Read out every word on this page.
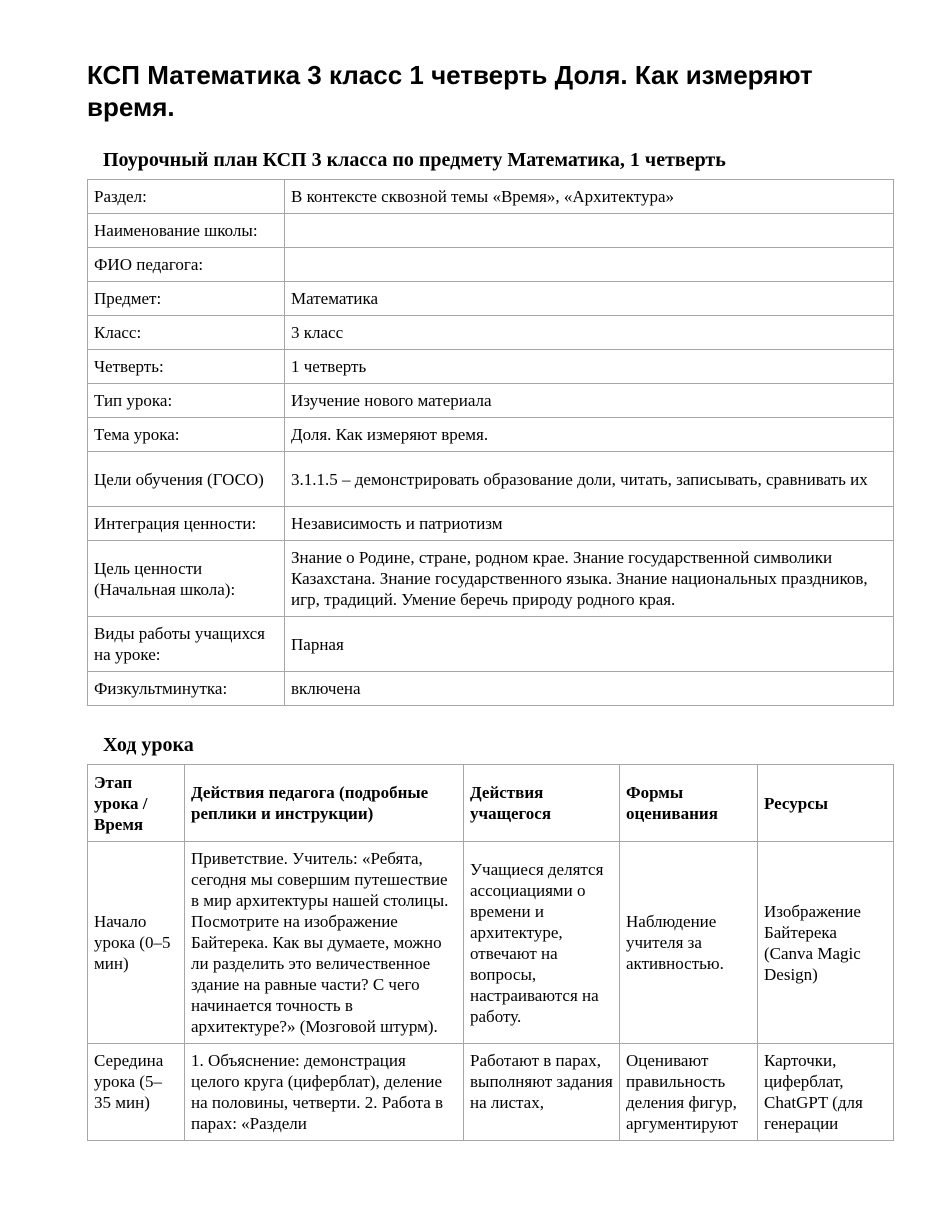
КСП Математика 3 класс 1 четверть Доля. Как измеряют время.
Поурочный план КСП 3 класса по предмету Математика, 1 четверть
Раздел:	В контексте сквозной темы «Время», «Архитектура»
Наименование школы:	
ФИО педагога:	
Предмет:	Математика
Класс:	3 класс
Четверть:	1 четверть
Тип урока:	Изучение нового материала
Тема урока:	Доля. Как измеряют время.
Цели обучения (ГОСО)	3.1.1.5 – демонстрировать образование доли, читать, записывать, сравнивать их
Интеграция ценности:	Независимость и патриотизм
Цель ценности (Начальная школа):	Знание о Родине, стране, родном крае. Знание государственной символики Казахстана. Знание государственного языка. Знание национальных праздников, игр, традиций. Умение беречь природу родного края.
Виды работы учащихся на уроке:	Парная
Физкультминутка:	включена
Ход урока
Этап урока / Время	Действия педагога (подробные реплики и инструкции)	Действия учащегося	Формы оценивания	Ресурсы
Начало урока (0–5 мин)	Приветствие. Учитель: «Ребята, сегодня мы совершим путешествие в мир архитектуры нашей столицы. Посмотрите на изображение Байтерека. Как вы думаете, можно ли разделить это величественное здание на равные части? С чего начинается точность в архитектуре?» (Мозговой штурм).	Учащиеся делятся ассоциациями о времени и архитектуре, отвечают на вопросы, настраиваются на работу.	Наблюдение учителя за активностью.	Изображение Байтерека (Canva Magic Design)
Середина урока (5–35 мин)	1. Объяснение: демонстрация целого круга (циферблат), деление на половины, четверти. 2. Работа в парах: «Раздели	Работают в парах, выполняют задания на листах,	Оценивают правильность деления фигур, аргументируют	Карточки, циферблат, ChatGPT (для генерации
